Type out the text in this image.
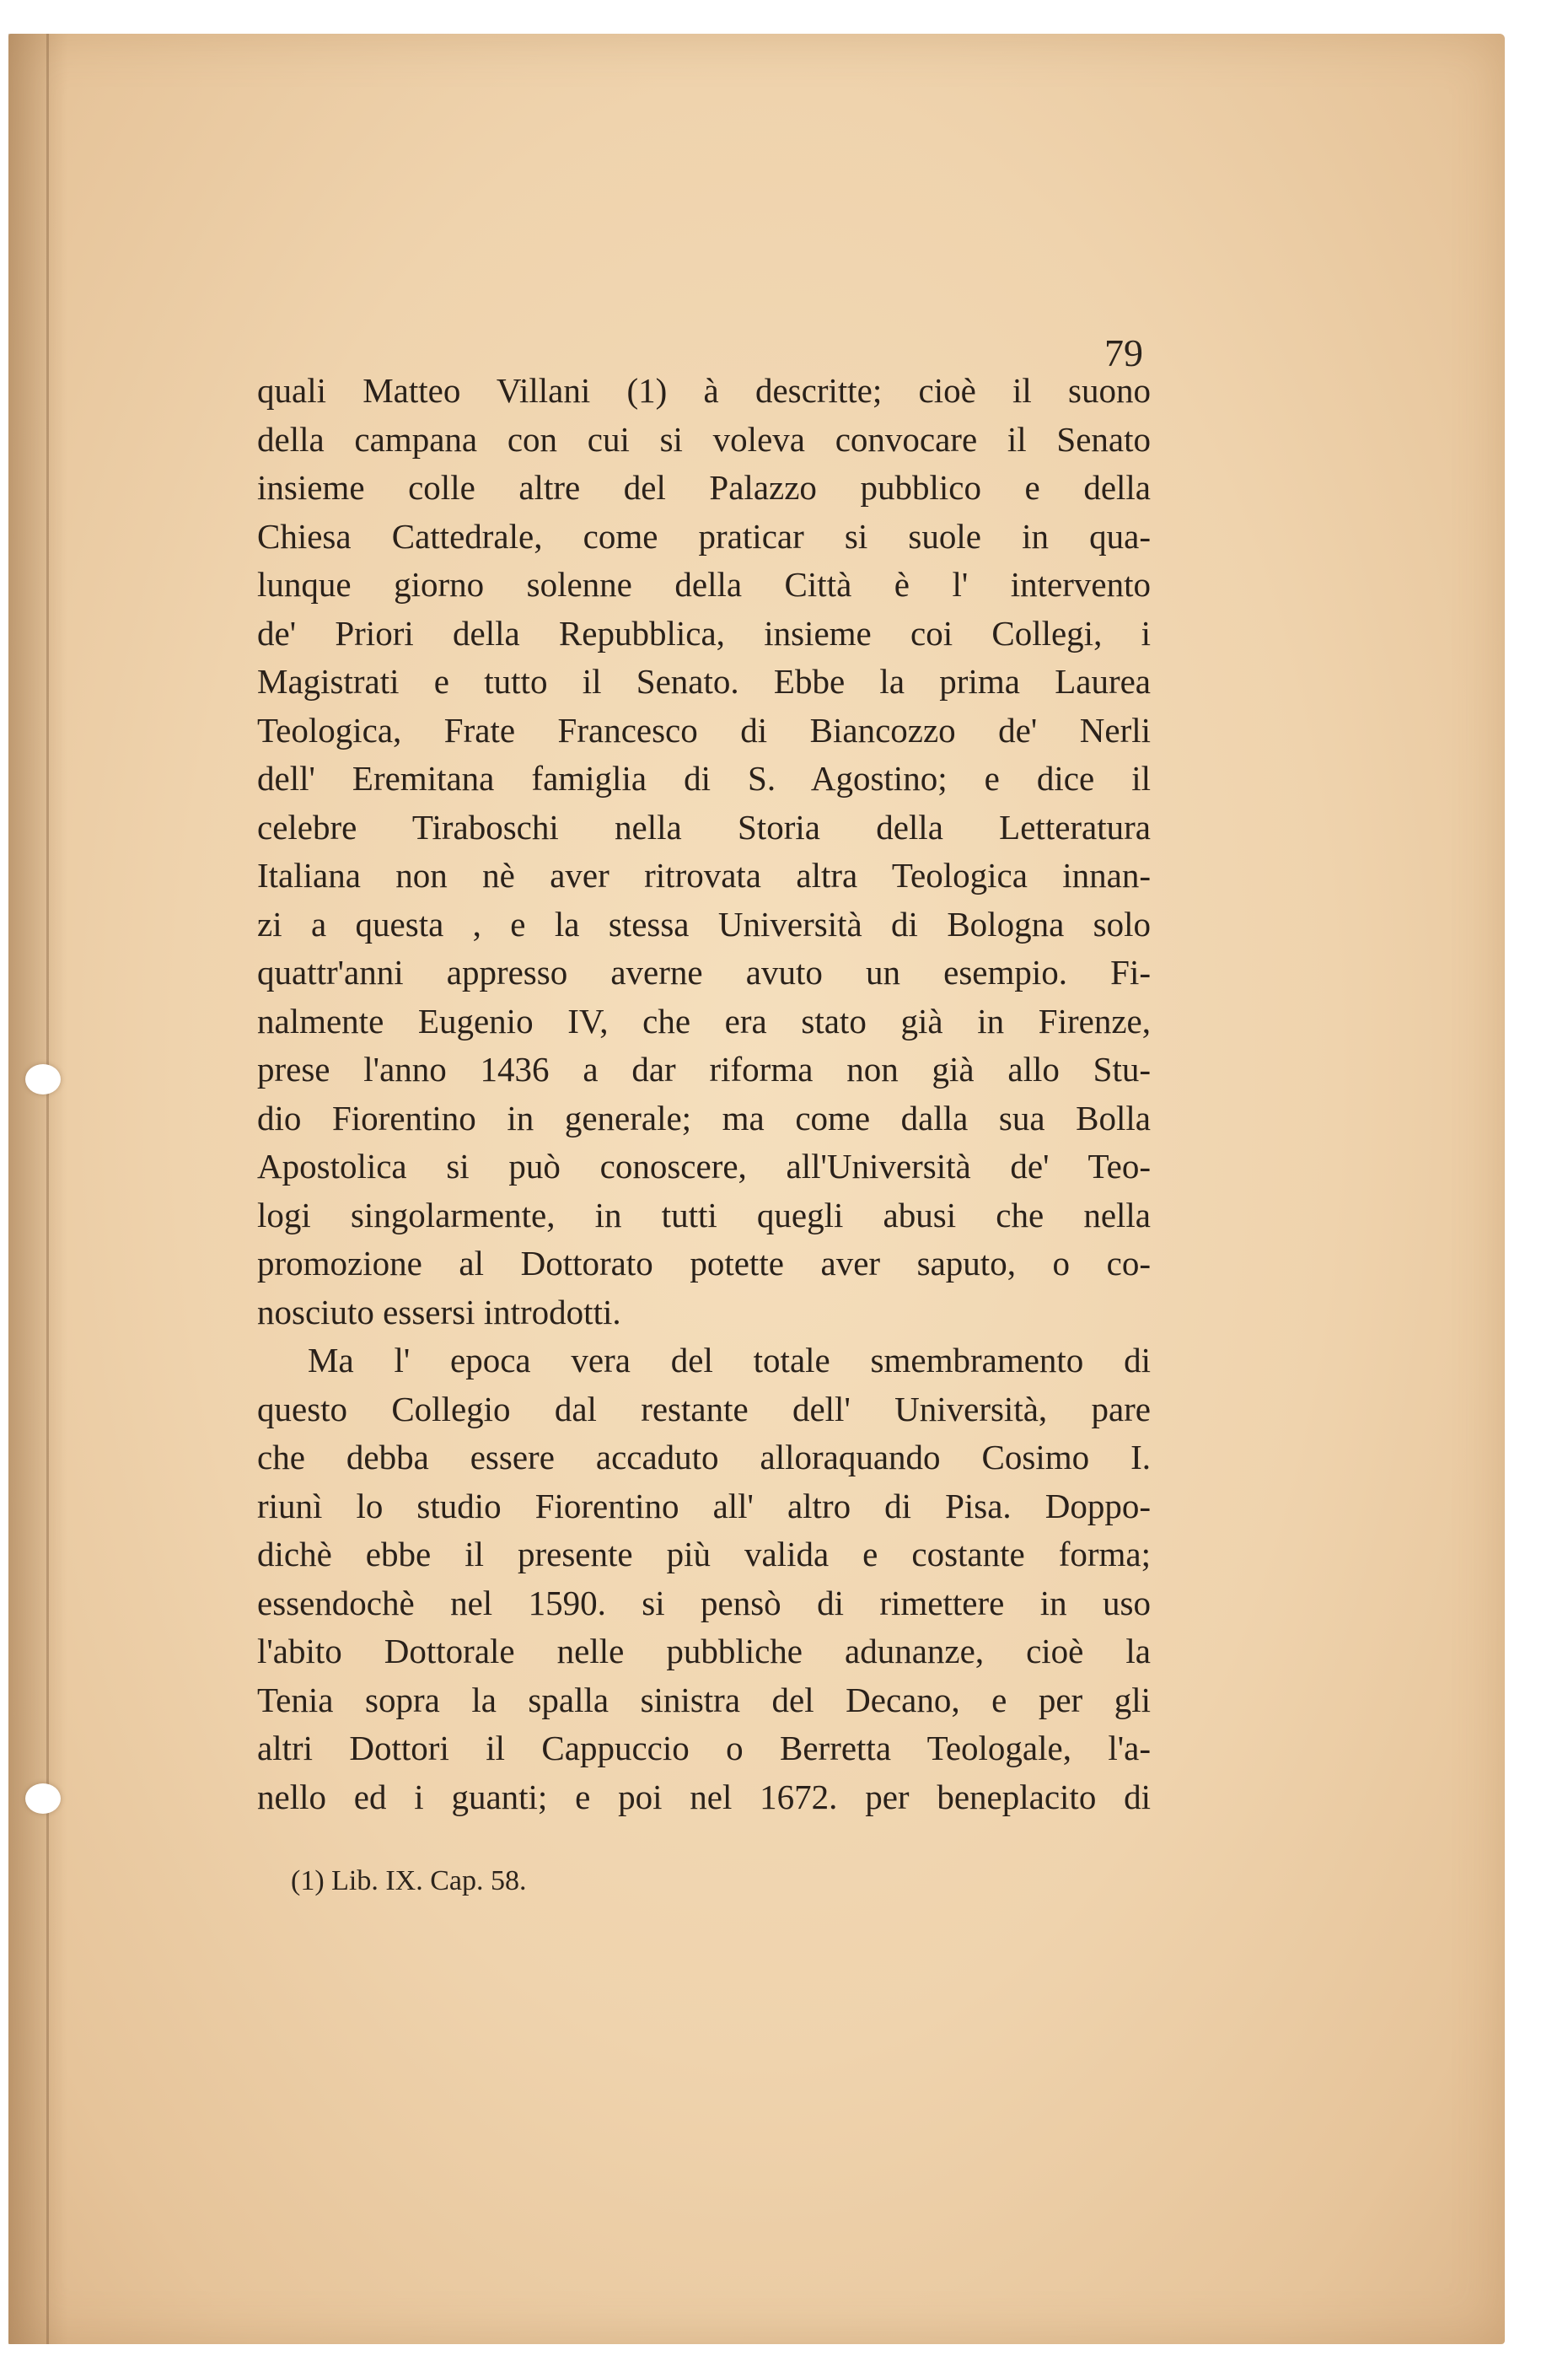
79

quali Matteo Villani (1) à descritte; cioè il suono
della campana con cui si voleva convocare il Senato
insieme colle altre del Palazzo pubblico e della
Chiesa Cattedrale, come praticar si suole in qua-
lunque giorno solenne della Città è l' intervento
de' Priori della Repubblica, insieme coi Collegi, i
Magistrati e tutto il Senato. Ebbe la prima Laurea
Teologica, Frate Francesco di Biancozzo de' Nerli
dell' Eremitana famiglia di S. Agostino; e dice il
celebre Tiraboschi nella Storia della Letteratura
Italiana non nè aver ritrovata altra Teologica innan-
zi a questa , e la stessa Università di Bologna solo
quattr'anni appresso averne avuto un esempio. Fi-
nalmente Eugenio IV, che era stato già in Firenze,
prese l'anno 1436 a dar riforma non già allo Stu-
dio Fiorentino in generale; ma come dalla sua Bolla
Apostolica si può conoscere, all'Università de' Teo-
logi singolarmente, in tutti quegli abusi che nella
promozione al Dottorato potette aver saputo, o co-
nosciuto essersi introdotti.
Ma l' epoca vera del totale smembramento di
questo Collegio dal restante dell' Università, pare
che debba essere accaduto alloraquando Cosimo I.
riunì lo studio Fiorentino all' altro di Pisa. Doppo-
dichè ebbe il presente più valida e costante forma;
essendochè nel 1590. si pensò di rimettere in uso
l'abito Dottorale nelle pubbliche adunanze, cioè la
Tenia sopra la spalla sinistra del Decano, e per gli
altri Dottori il Cappuccio o Berretta Teologale, l'a-
nello ed i guanti; e poi nel 1672. per beneplacito di

(1) Lib. IX. Cap. 58.
